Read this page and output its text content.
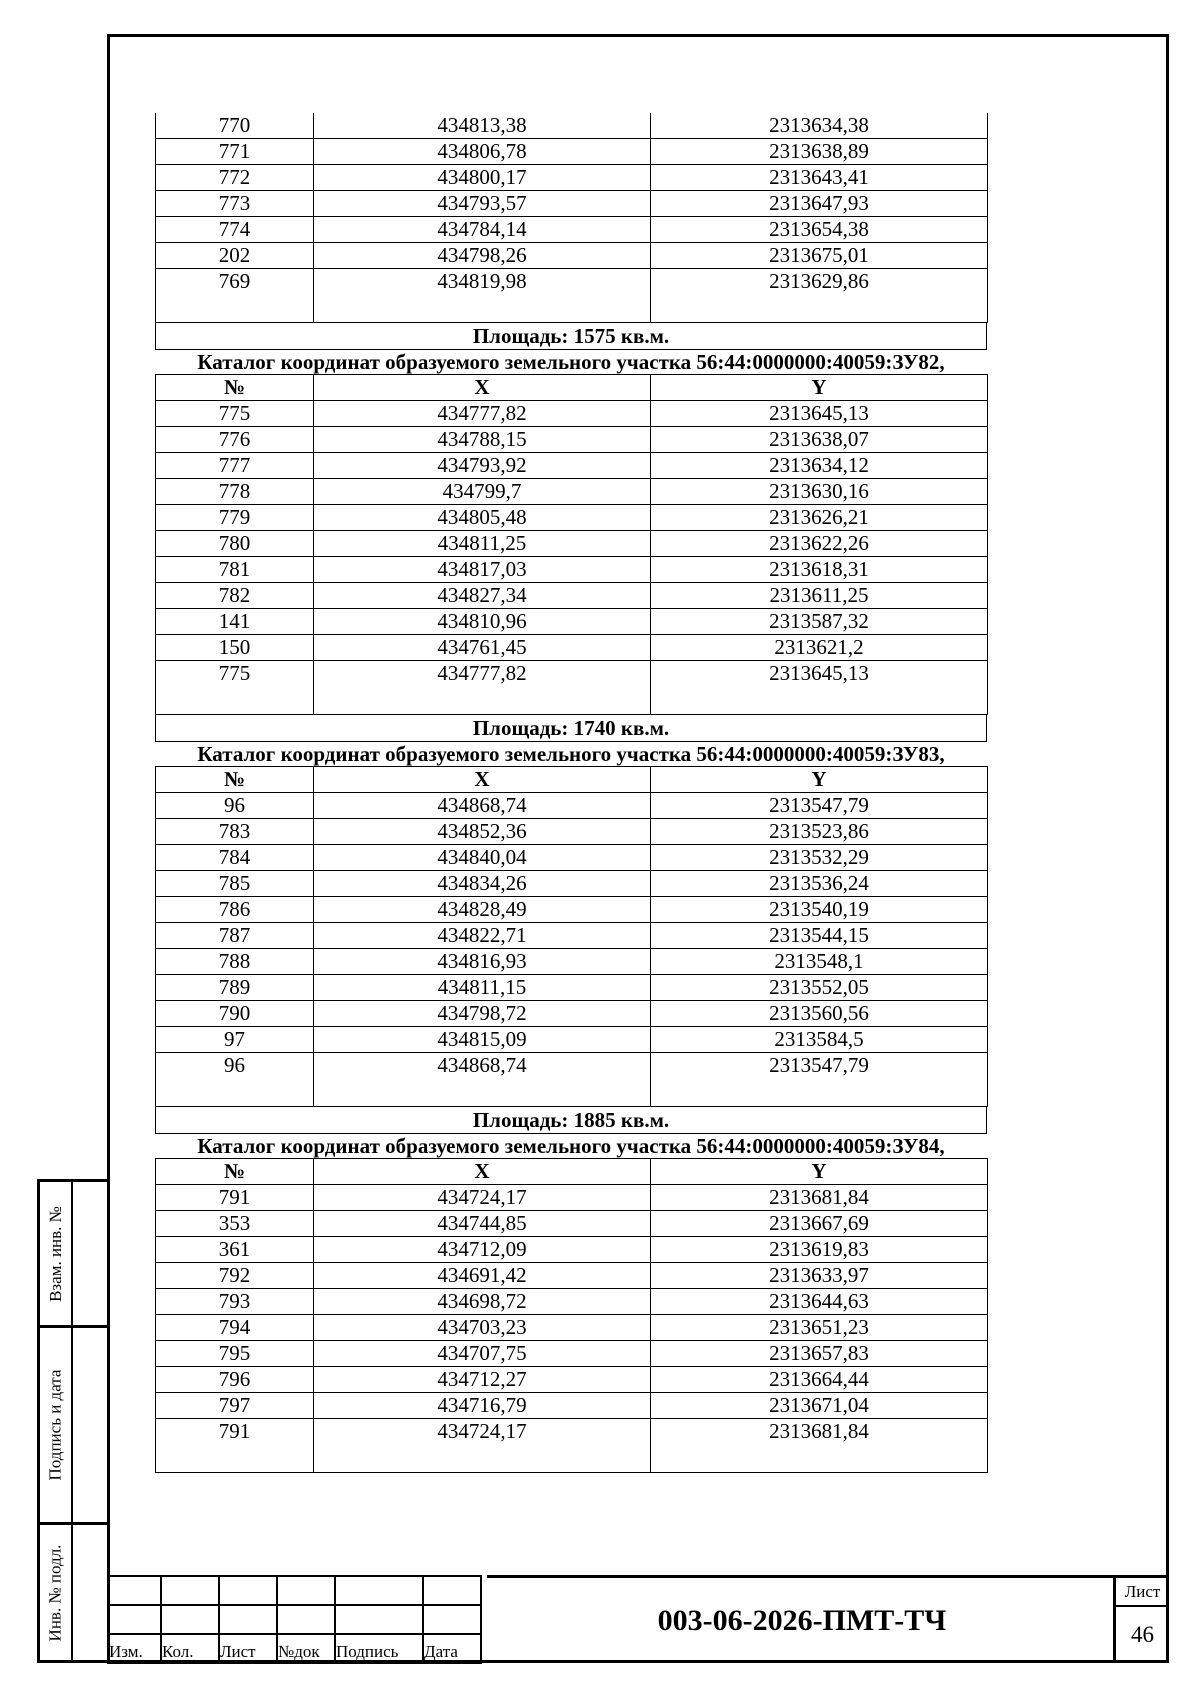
770	434813,38	2313634,38
771	434806,78	2313638,89
772	434800,17	2313643,41
773	434793,57	2313647,93
774	434784,14	2313654,38
202	434798,26	2313675,01
769	434819,98	2313629,86
Площадь: 1575 кв.м.
Каталог координат образуемого земельного участка 56:44:0000000:40059:ЗУ82,
№	X	Y
775	434777,82	2313645,13
776	434788,15	2313638,07
777	434793,92	2313634,12
778	434799,7	2313630,16
779	434805,48	2313626,21
780	434811,25	2313622,26
781	434817,03	2313618,31
782	434827,34	2313611,25
141	434810,96	2313587,32
150	434761,45	2313621,2
775	434777,82	2313645,13
Площадь: 1740 кв.м.
Каталог координат образуемого земельного участка 56:44:0000000:40059:ЗУ83,
№	X	Y
96	434868,74	2313547,79
783	434852,36	2313523,86
784	434840,04	2313532,29
785	434834,26	2313536,24
786	434828,49	2313540,19
787	434822,71	2313544,15
788	434816,93	2313548,1
789	434811,15	2313552,05
790	434798,72	2313560,56
97	434815,09	2313584,5
96	434868,74	2313547,79
Площадь: 1885 кв.м.
Каталог координат образуемого земельного участка 56:44:0000000:40059:ЗУ84,
№	X	Y
791	434724,17	2313681,84
353	434744,85	2313667,69
361	434712,09	2313619,83
792	434691,42	2313633,97
793	434698,72	2313644,63
794	434703,23	2313651,23
795	434707,75	2313657,83
796	434712,27	2313664,44
797	434716,79	2313671,04
791	434724,17	2313681,84
Взам. инв. №
Подпись и дата
Инв. № подл.

Изм.	Кол.	Лист	№док	Подпись	Дата
003-06-2026-ПМТ-ТЧ
Лист
46
